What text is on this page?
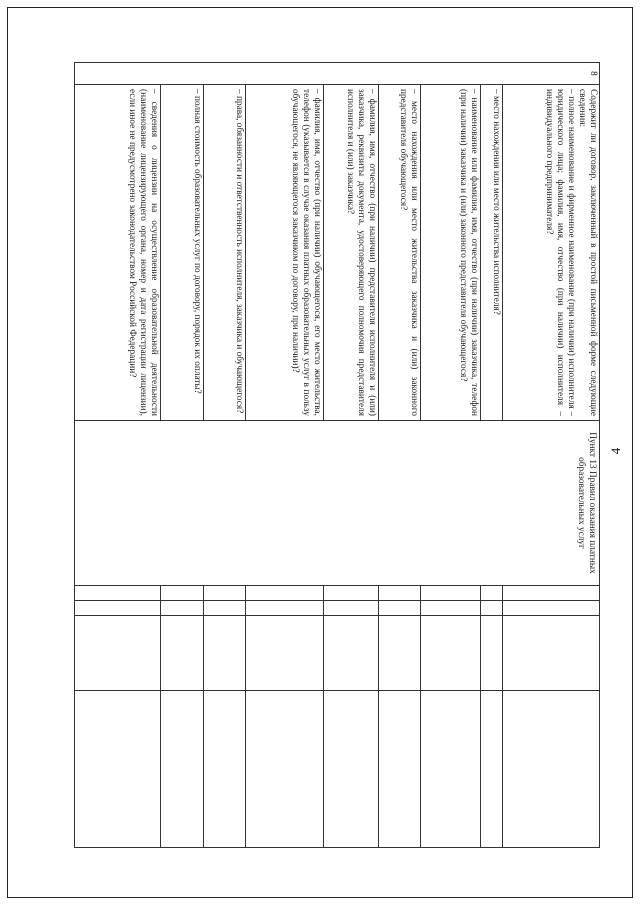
4
8	Содержит ли договор, заключенный в простой письменной форме следующие сведения:
– полное наименование и фирменное наименование (при наличии) исполнителя – юридического лица; фамилия, имя, отчество (при наличии) исполнителя – индивидуального предпринимателя?	Пункт 13 Правил оказания платных образовательных услуг				
	– место нахождения или место жительства исполнителя?					
	– наименование или фамилия, имя, отчество (при наличии) заказчика, телефон (при наличии) заказчика и (или) законного представителя обучающегося?					
	– место нахождения или место жительства заказчика и (или) законного представителя обучающегося?					
	– фамилия, имя, отчество (при наличии) представителя исполнителя и (или) заказчика, реквизиты документа, удостоверяющего полномочия представителя исполнителя и (или) заказчика?					
	– фамилия, имя, отчество (при наличии) обучающегося, его место жительства, телефон (указывается в случае оказания платных образовательных услуг в пользу обучающегося, не являющегося заказчиком по договору, при наличии)?					
	– права, обязанности и ответственность исполнителя, заказчика и обучающегося?					
	– полная стоимость образовательных услуг по договору, порядок их оплаты?					
	– сведения о лицензии на осуществление образовательной деятельности (наименование лицензирующего органа, номер и дата регистрации лицензии), если иное не предусмотрено законодательством Российской Федерации?					
